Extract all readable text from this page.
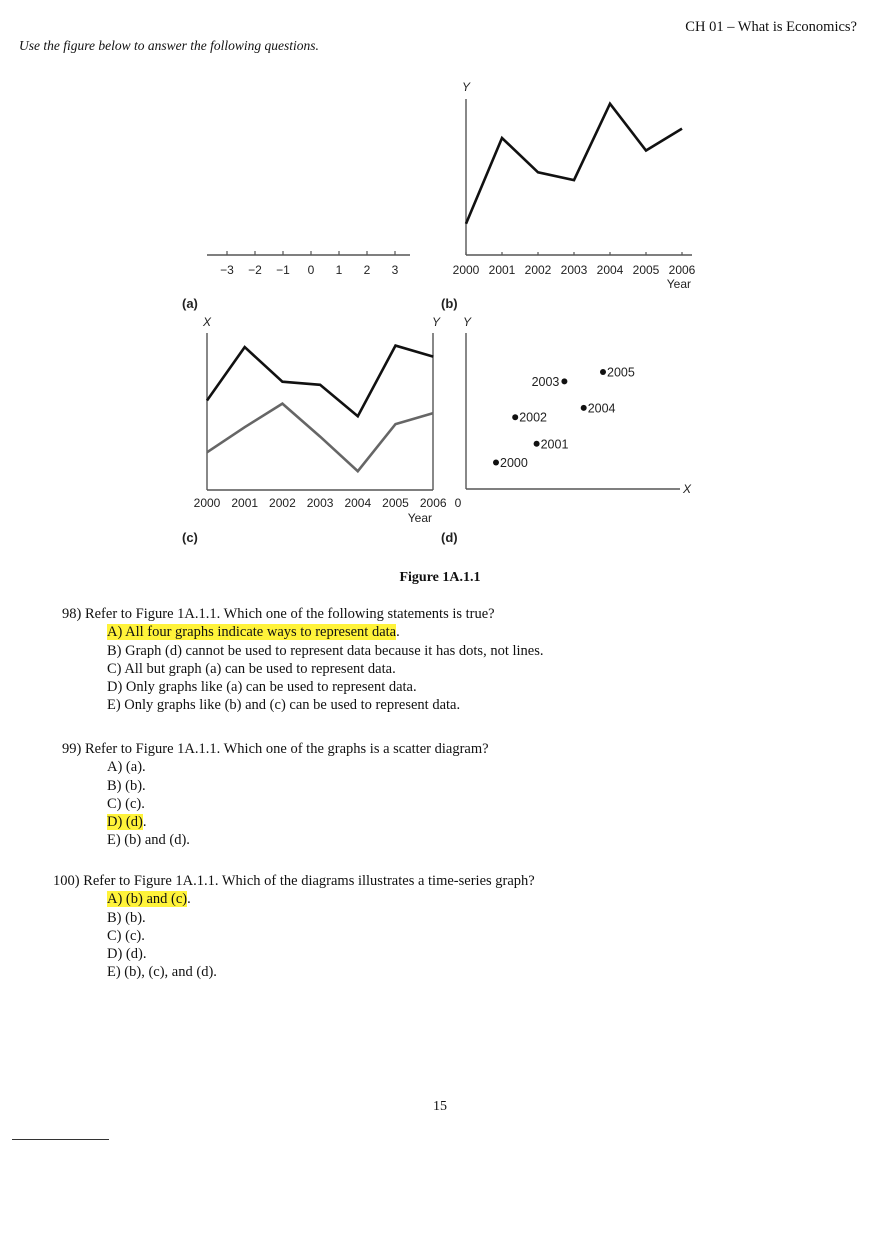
CH 01 – What is Economics?
Use the figure below to answer the following questions.
−3 −2 −1 0 1 2 3
(a)
Y
2000 2001 2002 2003 2004 2005 2006
Year
(b)
X	Y
2000 2001 2002 2003 2004 2005 2006
Year
(c)
Y
X
0
2000
2001
2002
2003
2004
2005
(d)
Figure 1A.1.1
98) Refer to Figure 1A.1.1. Which one of the following statements is true?
A) All four graphs indicate ways to represent data.
B) Graph (d) cannot be used to represent data because it has dots, not lines.
C) All but graph (a) can be used to represent data.
D) Only graphs like (a) can be used to represent data.
E) Only graphs like (b) and (c) can be used to represent data.
99) Refer to Figure 1A.1.1. Which one of the graphs is a scatter diagram?
A) (a).
B) (b).
C) (c).
D) (d).
E) (b) and (d).
100) Refer to Figure 1A.1.1. Which of the diagrams illustrates a time-series graph?
A) (b) and (c).
B) (b).
C) (c).
D) (d).
E) (b), (c), and (d).
15
